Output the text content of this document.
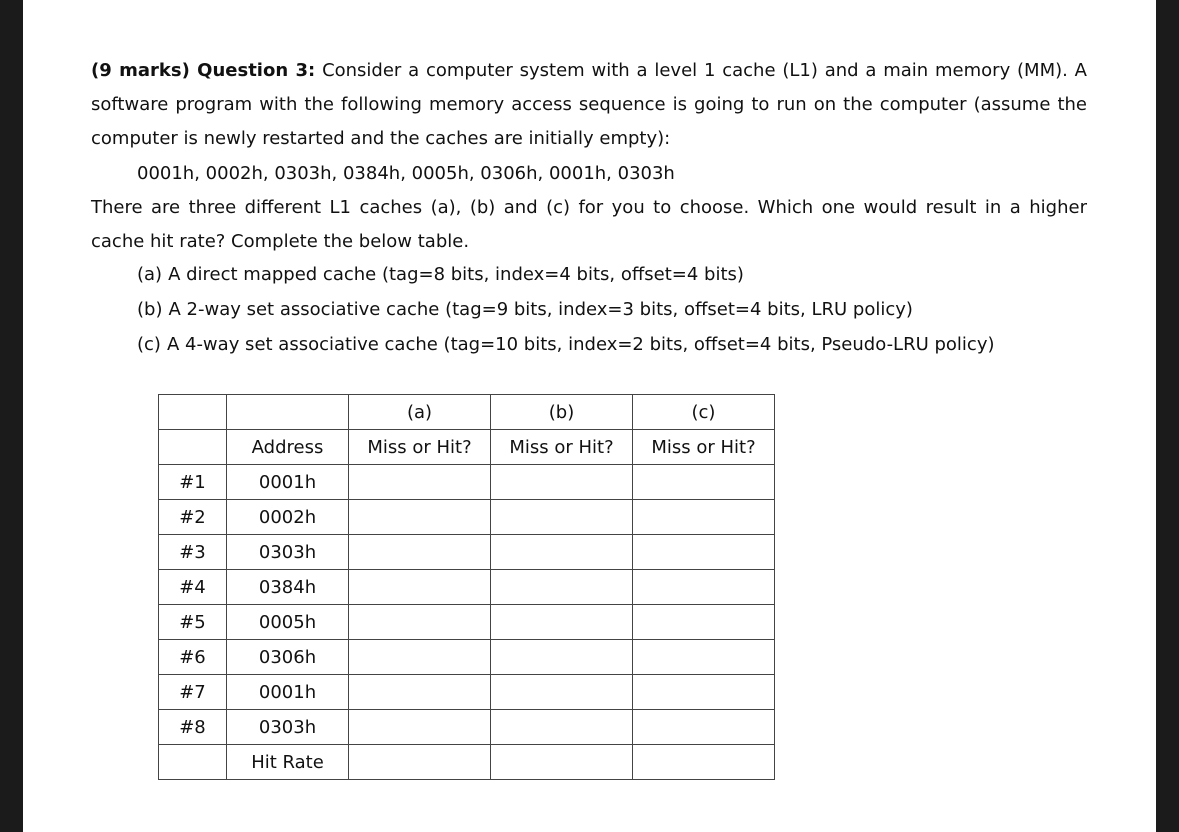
(9 marks) Question 3: Consider a computer system with a level 1 cache (L1) and a main memory (MM). A software program with the following memory access sequence is going to run on the computer (assume the computer is newly restarted and the caches are initially empty):

0001h, 0002h, 0303h, 0384h, 0005h, 0306h, 0001h, 0303h

There are three different L1 caches (a), (b) and (c) for you to choose. Which one would result in a higher cache hit rate? Complete the below table.

(a) A direct mapped cache (tag=8 bits, index=4 bits, offset=4 bits)
(b) A 2-way set associative cache (tag=9 bits, index=3 bits, offset=4 bits, LRU policy)
(c) A 4-way set associative cache (tag=10 bits, index=2 bits, offset=4 bits, Pseudo-LRU policy)
		(a)	(b)	(c)
	Address	Miss or Hit?	Miss or Hit?	Miss or Hit?
#1	0001h			
#2	0002h			
#3	0303h			
#4	0384h			
#5	0005h			
#6	0306h			
#7	0001h			
#8	0303h			
	Hit Rate			
